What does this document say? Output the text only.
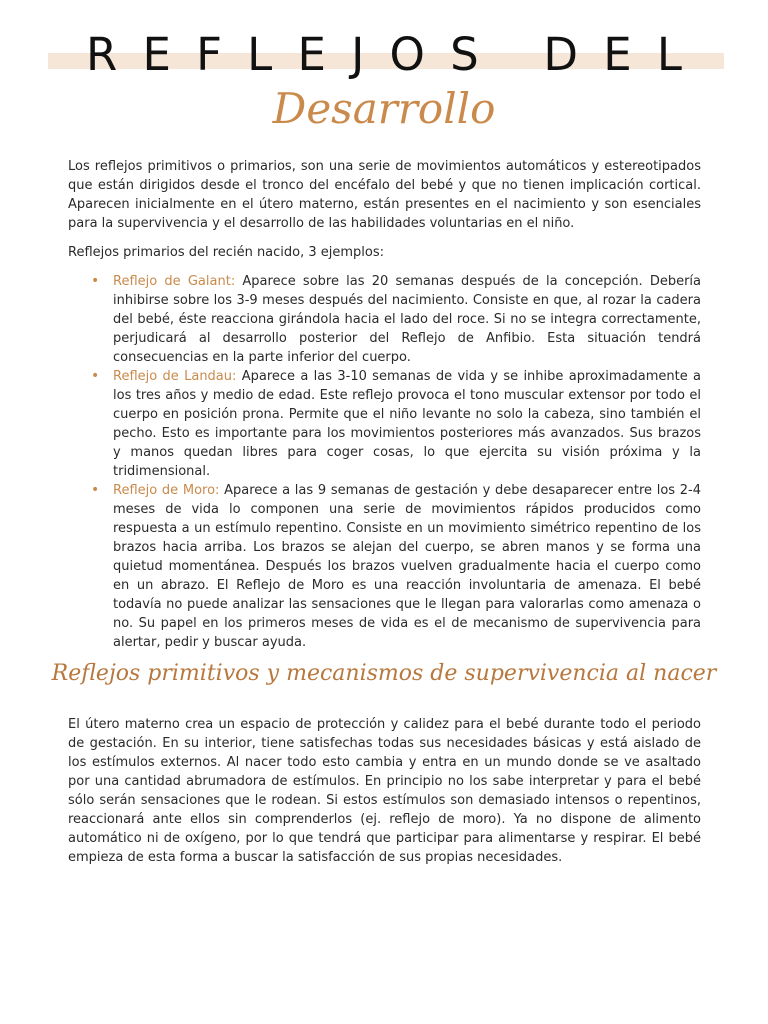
REFLEJOS DEL
Desarrollo

Los reflejos primitivos o primarios, son una serie de movimientos automáticos y estereotipados que están dirigidos desde el tronco del encéfalo del bebé y que no tienen implicación cortical. Aparecen inicialmente en el útero materno, están presentes en el nacimiento y son esenciales para la supervivencia y el desarrollo de las habilidades voluntarias en el niño.

Reflejos primarios del recién nacido, 3 ejemplos:

• Reflejo de Galant: Aparece sobre las 20 semanas después de la concepción. Debería inhibirse sobre los 3-9 meses después del nacimiento. Consiste en que, al rozar la cadera del bebé, éste reacciona girándola hacia el lado del roce. Si no se integra correctamente, perjudicará al desarrollo posterior del Reflejo de Anfibio. Esta situación tendrá consecuencias en la parte inferior del cuerpo.
• Reflejo de Landau: Aparece a las 3-10 semanas de vida y se inhibe aproximadamente a los tres años y medio de edad. Este reflejo provoca el tono muscular extensor por todo el cuerpo en posición prona. Permite que el niño levante no solo la cabeza, sino también el pecho. Esto es importante para los movimientos posteriores más avanzados. Sus brazos y manos quedan libres para coger cosas, lo que ejercita su visión próxima y la tridimensional.
• Reflejo de Moro: Aparece a las 9 semanas de gestación y debe desaparecer entre los 2-4 meses de vida lo componen una serie de movimientos rápidos producidos como respuesta a un estímulo repentino. Consiste en un movimiento simétrico repentino de los brazos hacia arriba. Los brazos se alejan del cuerpo, se abren manos y se forma una quietud momentánea. Después los brazos vuelven gradualmente hacia el cuerpo como en un abrazo. El Reflejo de Moro es una reacción involuntaria de amenaza. El bebé todavía no puede analizar las sensaciones que le llegan para valorarlas como amenaza o no. Su papel en los primeros meses de vida es el de mecanismo de supervivencia para alertar, pedir y buscar ayuda.
Reflejos primitivos y mecanismos de supervivencia al nacer

El útero materno crea un espacio de protección y calidez para el bebé durante todo el periodo de gestación. En su interior, tiene satisfechas todas sus necesidades básicas y está aislado de los estímulos externos. Al nacer todo esto cambia y entra en un mundo donde se ve asaltado por una cantidad abrumadora de estímulos. En principio no los sabe interpretar y para el bebé sólo serán sensaciones que le rodean. Si estos estímulos son demasiado intensos o repentinos, reaccionará ante ellos sin comprenderlos (ej. reflejo de moro). Ya no dispone de alimento automático ni de oxígeno, por lo que tendrá que participar para alimentarse y respirar. El bebé empieza de esta forma a buscar la satisfacción de sus propias necesidades.
